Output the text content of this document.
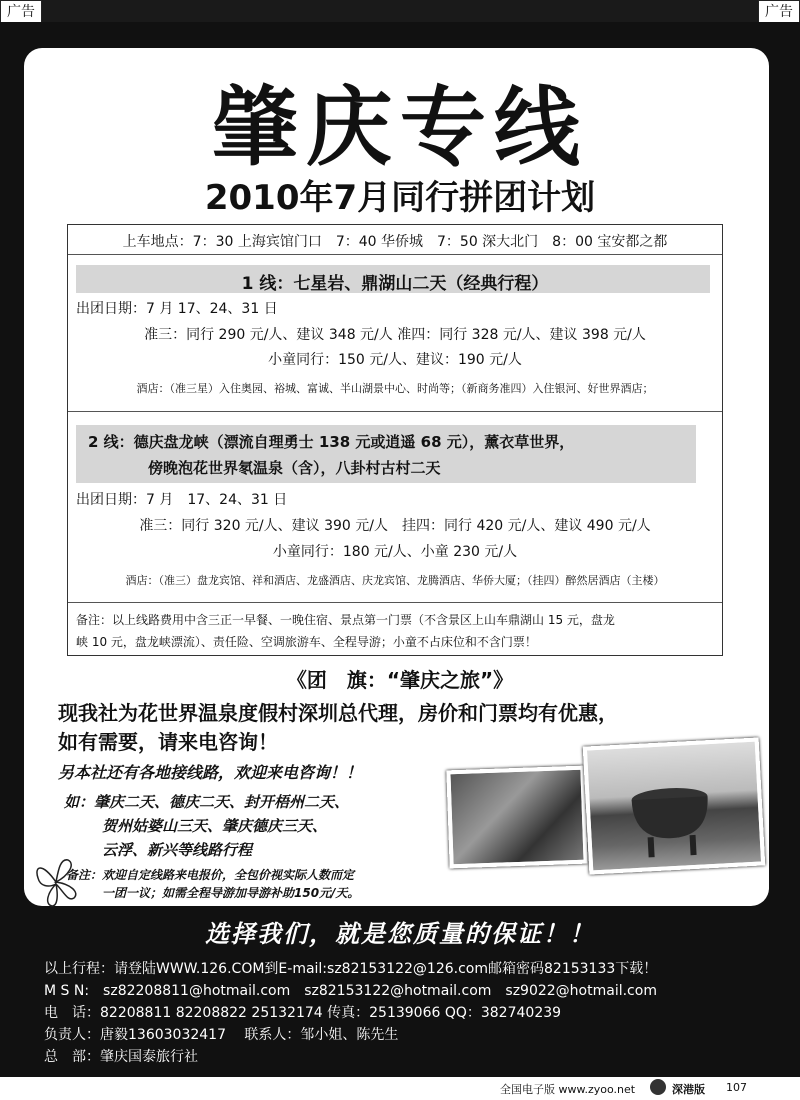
广告	广告
肇庆专线
2010年7月同行拼团计划
上车地点：7：30 上海宾馆门口　7：40 华侨城　7：50 深大北门　8：00 宝安都之都
1 线：七星岩、鼎湖山二天（经典行程）
出团日期：7 月 17、24、31 日
准三：同行 290 元/人、建议 348 元/人 准四：同行 328 元/人、建议 398 元/人
小童同行：150 元/人、建议：190 元/人
酒店：（准三星）入住奥园、裕城、富诚、半山湖景中心、时尚等；（新商务准四）入住银河、好世界酒店；
2 线：德庆盘龙峡（漂流自理勇士 138 元或逍遥 68 元），薰衣草世界，
傍晚泡花世界氡温泉（含），八卦村古村二天
出团日期：7 月　17、24、31 日
准三：同行 320 元/人、建议 390 元/人　挂四：同行 420 元/人、建议 490 元/人
小童同行：180 元/人、小童 230 元/人
酒店：（准三）盘龙宾馆、祥和酒店、龙盛酒店、庆龙宾馆、龙腾酒店、华侨大厦；（挂四）醉然居酒店（主楼）
备注：以上线路费用中含三正一早餐、一晚住宿、景点第一门票（不含景区上山车鼎湖山 15 元，盘龙
峡 10 元，盘龙峡漂流）、责任险、空调旅游车、全程导游；小童不占床位和不含门票！
《团　旗：“肇庆之旅”》
现我社为花世界温泉度假村深圳总代理，房价和门票均有优惠，
如有需要，请来电咨询！
另本社还有各地接线路，欢迎来电咨询！！
如：肇庆二天、德庆二天、封开梧州二天、
贺州姑婆山三天、肇庆德庆三天、
云浮、新兴等线路行程
备注：欢迎自定线路来电报价，全包价视实际人数而定
一团一议；如需全程导游加导游补助150元/天。
选择我们，就是您质量的保证！！
以上行程：请登陆WWW.126.COM到E-mail:sz82153122@126.com邮箱密码82153133下载！
M S N:　sz82208811@hotmail.com　sz82153122@hotmail.com　sz9022@hotmail.com
电　话：82208811 82208822 25132174 传真：25139066 QQ：382740239
负责人：唐毅13603032417　 联系人：邹小姐、陈先生
总　部：肇庆国泰旅行社
全国电子版 www.zyoo.net	深港版 107
